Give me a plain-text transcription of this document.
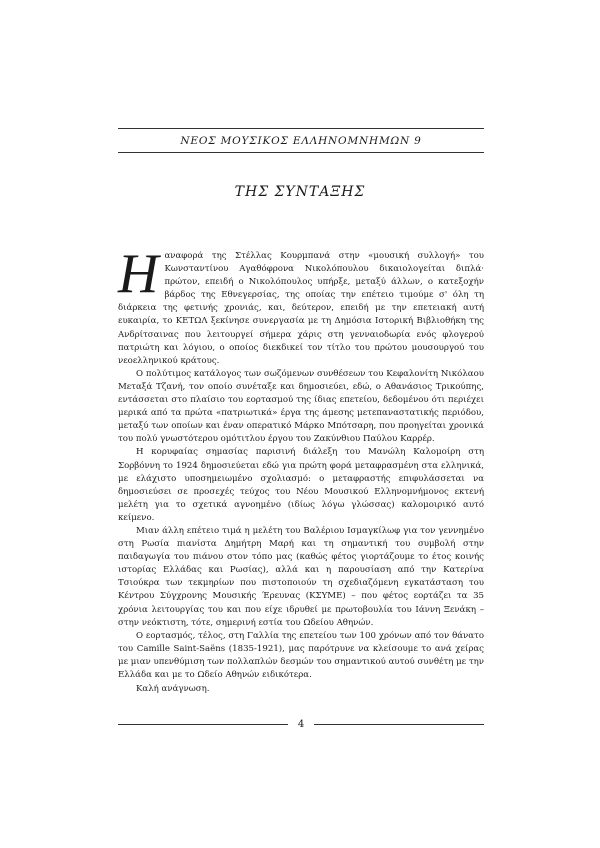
ΝΕΟΣ ΜΟΥΣΙΚΟΣ ΕΛΛΗΝΟΜΝΗΜΩΝ 9
ΤΗΣ ΣΥΝΤΑΞΗΣ

Η αναφορά της Στέλλας Κουρμπανά στην «μουσική συλλογή» του Κωνσταντίνου Αγαθόφρονα Νικολόπουλου δικαιολογείται διπλά· πρώτον, επειδή ο Νικολόπουλος υπήρξε, μεταξύ άλλων, ο κατεξοχήν βάρδος της Εθνεγερσίας, της οποίας την επέτειο τιμούμε σ' όλη τη διάρκεια της φετινής χρονιάς, και, δεύτερον, επειδή με την επετειακή αυτή ευκαιρία, το ΚΕΤΩΛ ξεκίνησε συνεργασία με τη Δημόσια Ιστορική Βιβλιοθήκη της Ανδρίτσαινας που λειτουργεί σήμερα χάρις στη γενναιοδωρία ενός φλογερού πατριώτη και λόγιου, ο οποίος διεκδικεί τον τίτλο του πρώτου μουσουργού του νεοελληνικού κράτους.

Ο πολύτιμος κατάλογος των σωζόμενων συνθέσεων του Κεφαλονίτη Νικόλαου Μεταξά Τζανή, τον οποίο συνέταξε και δημοσιεύει, εδώ, ο Αθανάσιος Τρικούπης, εντάσσεται στο πλαίσιο του εορτασμού της ίδιας επετείου, δεδομένου ότι περιέχει μερικά από τα πρώτα «πατριωτικά» έργα της άμεσης μετεπαναστατικής περιόδου, μεταξύ των οποίων και έναν οπερατικό Μάρκο Μπότσαρη, που προηγείται χρονικά του πολύ γνωστότερου ομότιτλου έργου του Ζακύνθιου Παύλου Καρρέρ.

Η κορυφαίας σημασίας παρισινή διάλεξη του Μανώλη Καλομοίρη στη Σορβόννη το 1924 δημοσιεύεται εδώ για πρώτη φορά μεταφρασμένη στα ελληνικά, με ελάχιστο υποσημειωμένο σχολιασμό: ο μεταφραστής επιφυλάσσεται να δημοσιεύσει σε προσεχές τεύχος του Νέου Μουσικού Ελληνομνήμονος εκτενή μελέτη για το σχετικά αγνοημένο (ιδίως λόγω γλώσσας) καλομοιρικό αυτό κείμενο.

Μιαν άλλη επέτειο τιμά η μελέτη του Βαλέριου Ισμαγκίλωφ για τον γεννημένο στη Ρωσία πιανίστα Δημήτρη Μαρή και τη σημαντική του συμβολή στην παιδαγωγία του πιάνου στον τόπο μας (καθώς φέτος γιορτάζουμε το έτος κοινής ιστορίας Ελλάδας και Ρωσίας), αλλά και η παρουσίαση από την Κατερίνα Τσιούκρα των τεκμηρίων που πιστοποιούν τη σχεδιαζόμενη εγκατάσταση του Κέντρου Σύγχρονης Μουσικής Έρευνας (ΚΣΥΜΕ) – που φέτος εορτάζει τα 35 χρόνια λειτουργίας του και που είχε ιδρυθεί με πρωτοβουλία του Ιάννη Ξενάκη – στην νεόκτιστη, τότε, σημερινή εστία του Ωδείου Αθηνών.

Ο εορτασμός, τέλος, στη Γαλλία της επετείου των 100 χρόνων από τον θάνατο του Camille Saint-Saëns (1835-1921), μας παρότρυνε να κλείσουμε το ανά χείρας με μιαν υπενθύμιση των πολλαπλών δεσμών του σημαντικού αυτού συνθέτη με την Ελλάδα και με το Ωδείο Αθηνών ειδικότερα.

Καλή ανάγνωση.

4
